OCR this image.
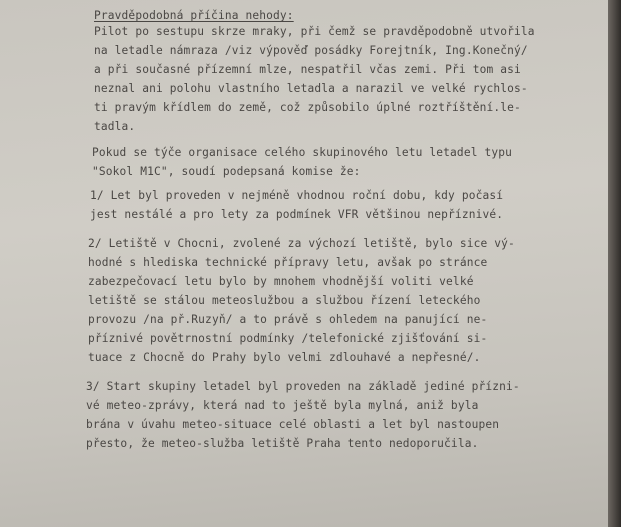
Pravděpodobná příčina nehody:
Pilot po sestupu skrze mraky, při čemž se pravděpodobně utvořila
na letadle námraza /viz výpověď posádky Forejtník, Ing.Konečný/
a při současné přízemní mlze, nespatřil včas zemi. Při tom asi
neznal ani polohu vlastního letadla a narazil ve velké rychlos-
ti pravým křídlem do země, což způsobilo úplné roztříštění.le-
tadla.
Pokud se týče organisace celého skupinového letu letadel typu
"Sokol M1C", soudí podepsaná komise že:
1/ Let byl proveden v nejméně vhodnou roční dobu, kdy počasí
jest nestálé a pro lety za podmínek VFR většinou nepříznivé.
2/ Letiště v Chocni, zvolené za výchozí letiště, bylo sice vý-
hodné s hlediska technické přípravy letu, avšak po stránce
zabezpečovací letu bylo by mnohem vhodnější voliti velké
letiště se stálou meteoslužbou a službou řízení leteckého
provozu /na př.Ruzyň/ a to právě s ohledem na panující ne-
příznivé povětrnostní podmínky /telefonické zjišťování si-
tuace z Chocně do Prahy bylo velmi zdlouhavé a nepřesné/.
3/ Start skupiny letadel byl proveden na základě jediné přízni-
vé meteo-zprávy, která nad to ještě byla mylná, aniž byla
brána v úvahu meteo-situace celé oblasti a let byl nastoupen
přesto, že meteo-služba letiště Praha tento nedoporučila.
